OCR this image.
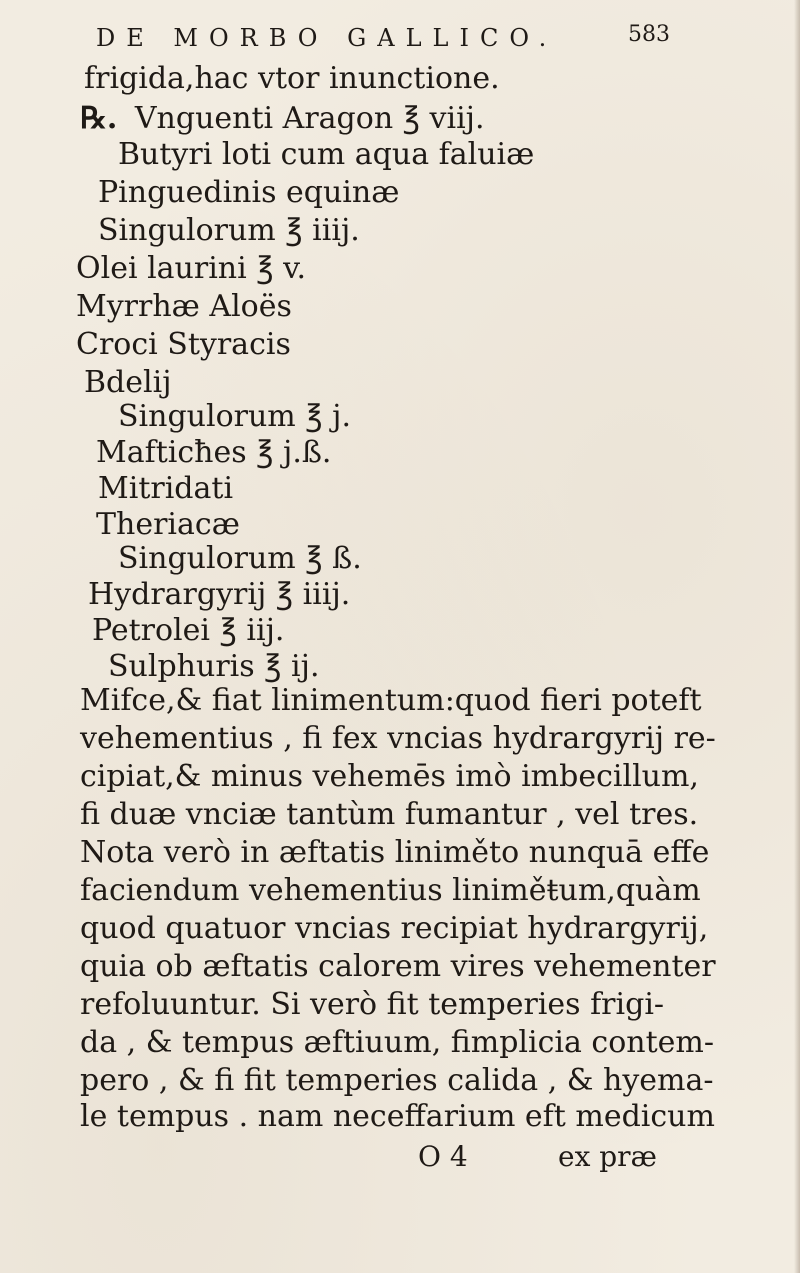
DE MORBO GALLICO.	583
frigida,hac vtor inunctione.
℞. Vnguenti Aragon ℥ viij.
Butyri loti cum aqua faluiæ
Pinguedinis equinæ
Singulorum ℥ iiij.
Olei laurini ℥ v.
Myrrhæ Aloës
Croci Styracis
Bdelij
Singulorum ℥ j.
Mafticħes ℥ j.ß.
Mitridati
Theriacæ
Singulorum ℥ ß.
Hydrargyrij ℥ iiij.
Petrolei ℥ iij.
Sulphuris ℥ ij.
Mifce,& fiat linimentum:quod fieri poteft
vehementius , fi fex vncias hydrargyrij re-
cipiat,& minus vehemēs imò imbecillum,
fi duæ vnciæ tantùm fumantur , vel tres.
Nota verò in æftatis liniměto nunquā effe
faciendum vehementius liniměŧum,quàm
quod quatuor vncias recipiat hydrargyrij,
quia ob æftatis calorem vires vehementer
refoluuntur. Si verò fit temperies frigi-
da , & tempus æftiuum, fimplicia contem-
pero , & fi fit temperies calida , & hyema-
le tempus . nam neceffarium eft medicum
O 4	ex præ
